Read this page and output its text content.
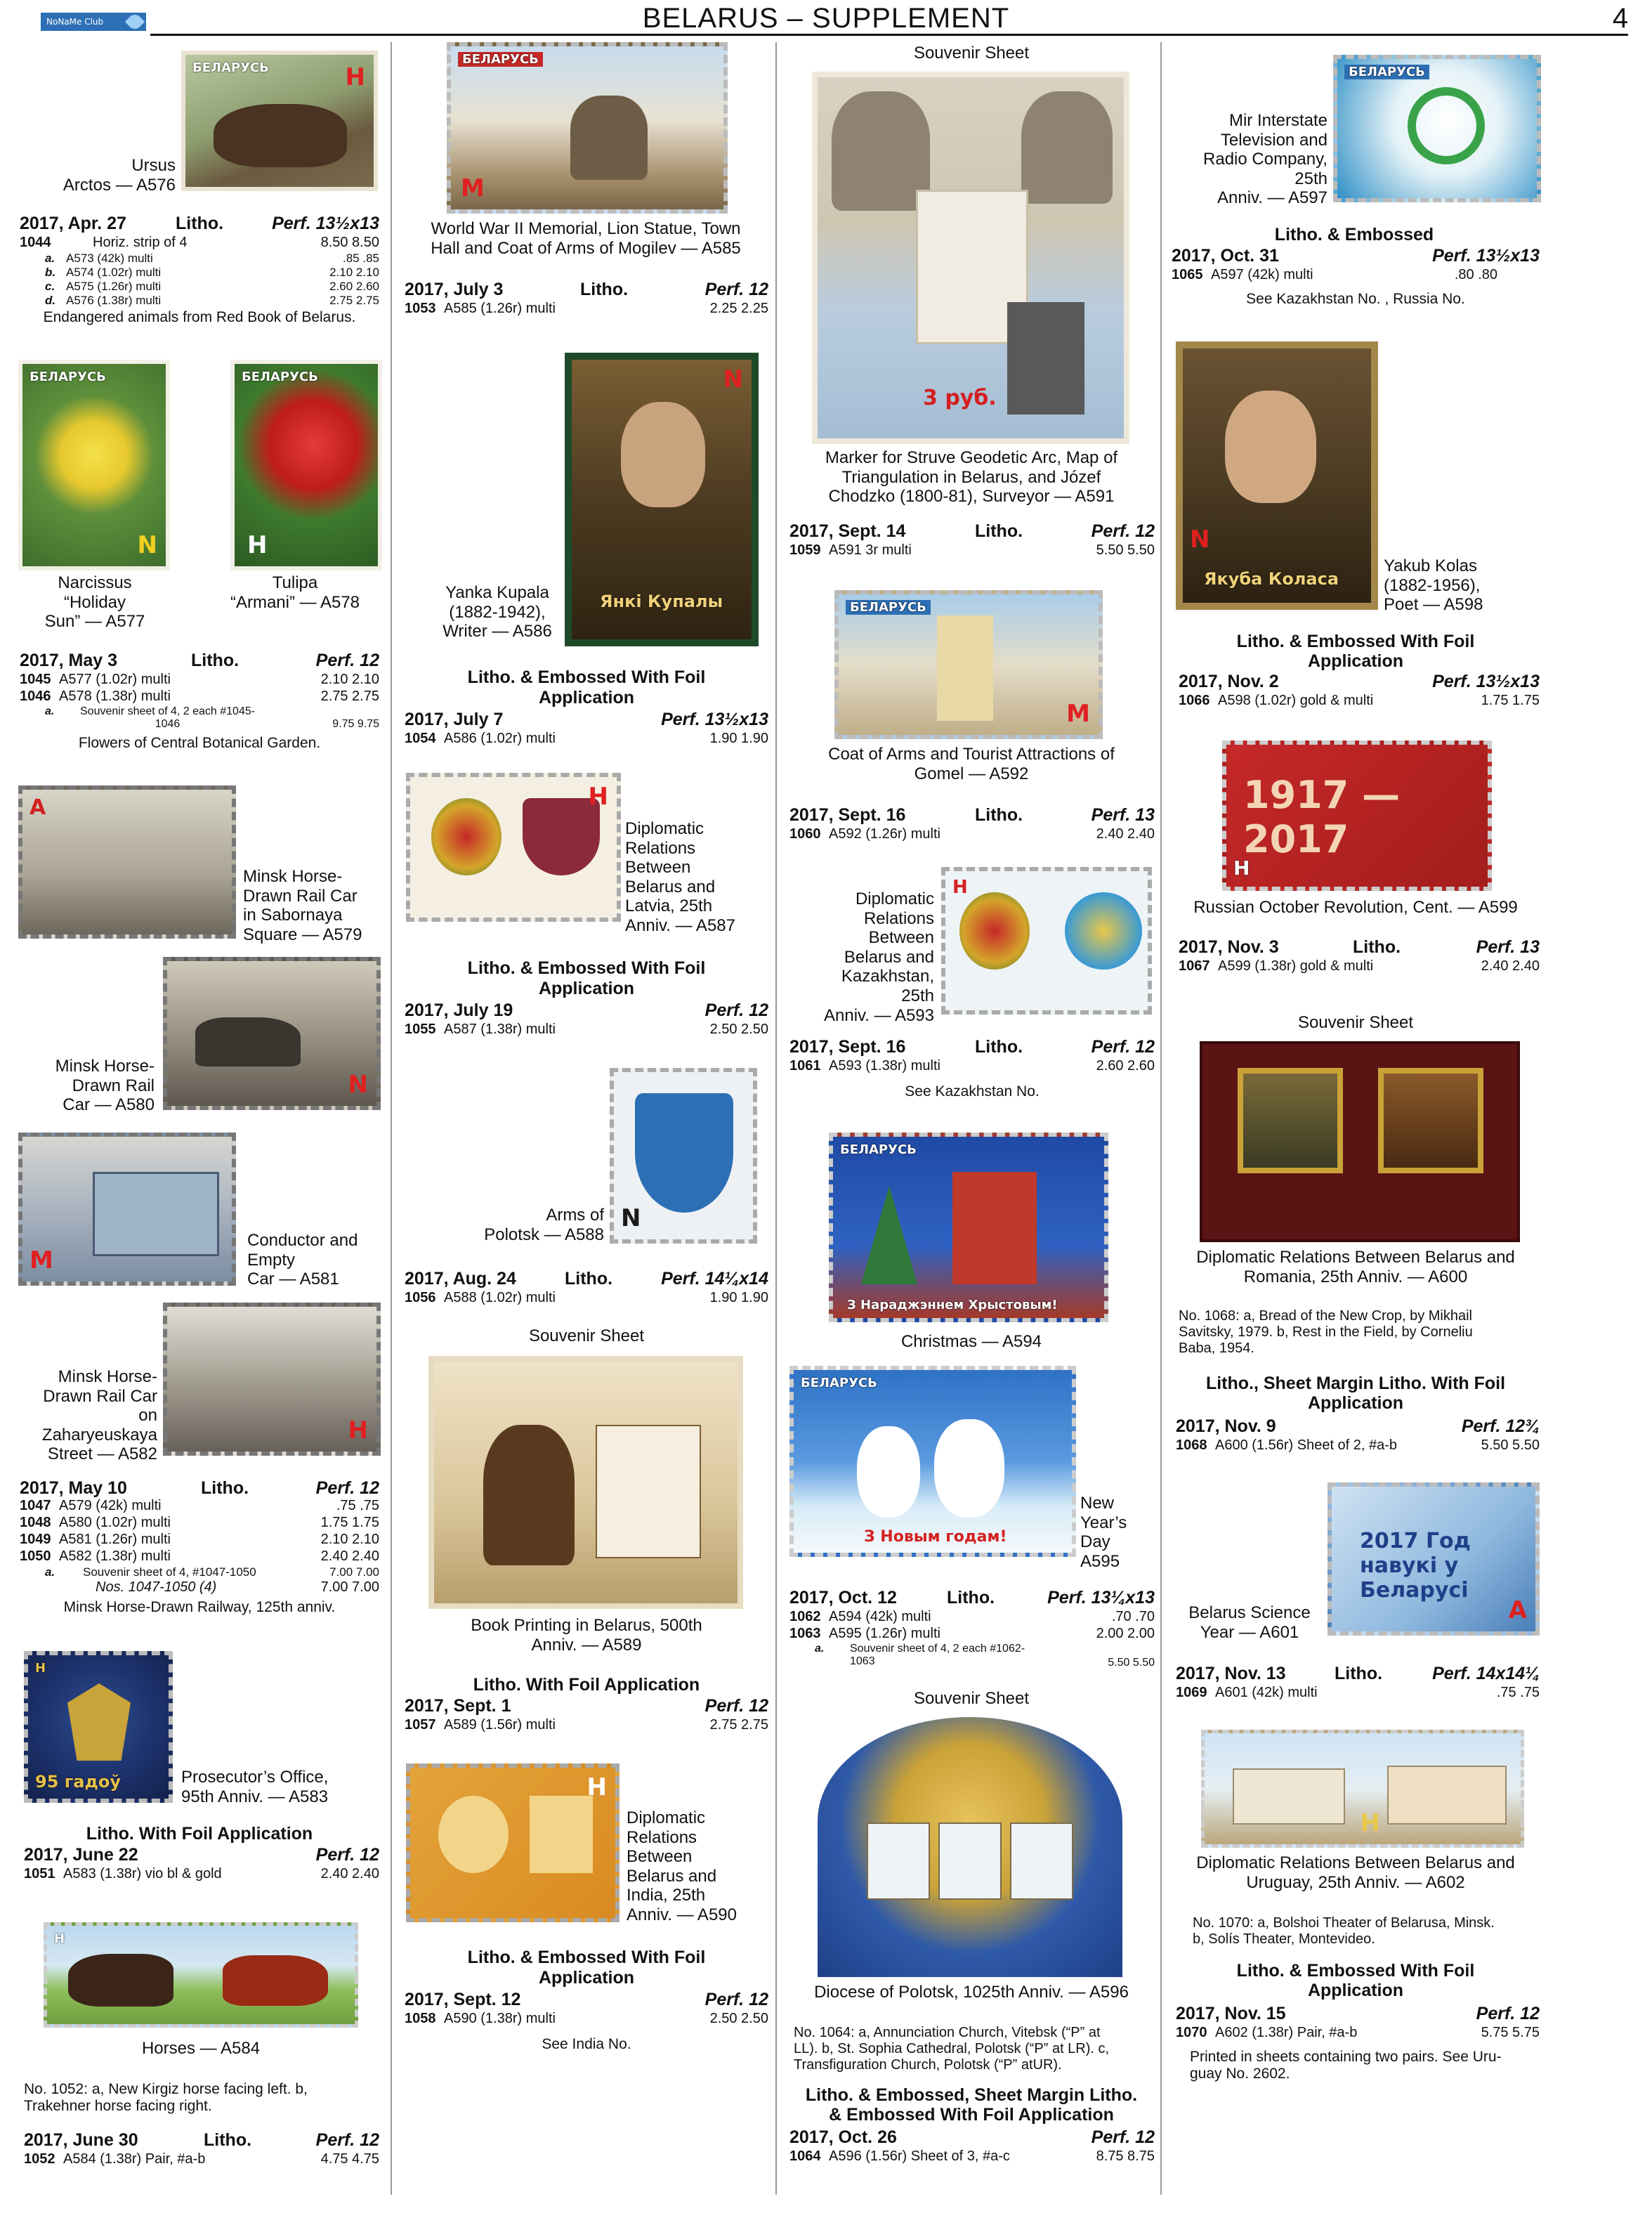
NoNaMe Club	BELARUS – SUPPLEMENT	4
БЕЛАРУСЬ	H
Ursus
Arctos — A576
2017, Apr. 27	Litho.	Perf. 13½x13
1044	Horiz. strip of 4	8.50 8.50
a. A573 (42k) multi	.85 .85
b. A574 (1.02r) multi	2.10 2.10
c. A575 (1.26r) multi	2.60 2.60
d. A576 (1.38r) multi	2.75 2.75
Endangered animals from Red Book of Belarus.
БЕЛАРУСЬ
N
БЕЛАРУСЬ
H
Narcissus
“Holiday
Sun” — A577
Tulipa
“Armani” — A578
2017, May 3	Litho.	Perf. 12
1045 A577 (1.02r) multi	2.10 2.10
1046 A578 (1.38r) multi	2.75 2.75
a. Souvenir sheet of 4, 2 each #1045-
1046	9.75 9.75
Flowers of Central Botanical Garden.
A
Minsk Horse-
Drawn Rail Car
in Sabornaya
Square — A579
N
Minsk Horse-
Drawn Rail
Car — A580
M
Conductor and
Empty
Car — A581
H
Minsk Horse-
Drawn Rail Car
on
Zaharyeuskaya
Street — A582
2017, May 10	Litho.	Perf. 12
1047 A579 (42k) multi	.75 .75
1048 A580 (1.02r) multi	1.75 1.75
1049 A581 (1.26r) multi	2.10 2.10
1050 A582 (1.38r) multi	2.40 2.40
a. Souvenir sheet of 4, #1047-1050	7.00 7.00
Nos. 1047-1050 (4)	7.00 7.00
Minsk Horse-Drawn Railway, 125th anniv.
H
95 гадоў	Prosecutor’s Office,
95th Anniv. — A583
Litho. With Foil Application
2017, June 22	Perf. 12
1051 A583 (1.38r) vio bl & gold	2.40 2.40
H
Horses — A584
No. 1052: a, New Kirgiz horse facing left. b,
Trakehner horse facing right.
2017, June 30	Litho.	Perf. 12
1052 A584 (1.38r) Pair, #a-b	4.75 4.75
БЕЛАРУСЬ
M
World War II Memorial, Lion Statue, Town
Hall and Coat of Arms of Mogilev — A585
2017, July 3	Litho.	Perf. 12
1053 A585 (1.26r) multi	2.25 2.25
Янкі Купалы
N
Yanka Kupala
(1882-1942),
Writer — A586
Litho. & Embossed With Foil
Application
2017, July 7	Perf. 13½x13
1054 A586 (1.02r) multi	1.90 1.90
H
Diplomatic
Relations
Between
Belarus and
Latvia, 25th
Anniv. — A587
Litho. & Embossed With Foil
Application
2017, July 19	Perf. 12
1055 A587 (1.38r) multi	2.50 2.50
N
Arms of
Polotsk — A588
2017, Aug. 24	Litho.	Perf. 14¼x14
1056 A588 (1.02r) multi	1.90 1.90
Souvenir Sheet
Book Printing in Belarus, 500th
Anniv. — A589
Litho. With Foil Application
2017, Sept. 1	Perf. 12
1057 A589 (1.56r) multi	2.75 2.75
H
Diplomatic
Relations
Between
Belarus and
India, 25th
Anniv. — A590
Litho. & Embossed With Foil
Application
2017, Sept. 12	Perf. 12
1058 A590 (1.38r) multi	2.50 2.50
See India No.
Souvenir Sheet
3 руб.
Marker for Struve Geodetic Arc, Map of
Triangulation in Belarus, and Józef
Chodzko (1800-81), Surveyor — A591
2017, Sept. 14	Litho.	Perf. 12
1059 A591 3r multi	5.50 5.50
БЕЛАРУСЬ
M
Coat of Arms and Tourist Attractions of
Gomel — A592
2017, Sept. 16	Litho.	Perf. 13
1060 A592 (1.26r) multi	2.40 2.40
H
Diplomatic
Relations
Between
Belarus and
Kazakhstan,
25th
Anniv. — A593
2017, Sept. 16	Litho.	Perf. 12
1061 A593 (1.38r) multi	2.60 2.60
See Kazakhstan No.
БЕЛАРУСЬ
З Нараджэннем Хрыстовым!
Christmas — A594
БЕЛАРУСЬ
З Новым годам!
New
Year’s
Day
A595
2017, Oct. 12	Litho.	Perf. 13¼x13
1062 A594 (42k) multi	.70 .70
1063 A595 (1.26r) multi	2.00 2.00
a. Souvenir sheet of 4, 2 each #1062-
1063	5.50 5.50
Souvenir Sheet
Diocese of Polotsk, 1025th Anniv. — A596
No. 1064: a, Annunciation Church, Vitebsk (“P” at
LL). b, St. Sophia Cathedral, Polotsk (“P” at LR). c,
Transfiguration Church, Polotsk (“P” atUR).
Litho. & Embossed, Sheet Margin Litho.
& Embossed With Foil Application
2017, Oct. 26	Perf. 12
1064 A596 (1.56r) Sheet of 3, #a-c	8.75 8.75
БЕЛАРУСЬ
Mir Interstate
Television and
Radio Company,
25th
Anniv. — A597
Litho. & Embossed
2017, Oct. 31	Perf. 13½x13
1065 A597 (42k) multi	.80 .80
See Kazakhstan No. , Russia No.
Якуба Коласа
N
Yakub Kolas
(1882-1956),
Poet — A598
Litho. & Embossed With Foil
Application
2017, Nov. 2	Perf. 13½x13
1066 A598 (1.02r) gold & multi	1.75 1.75
1917 — 2017
H
Russian October Revolution, Cent. — A599
2017, Nov. 3	Litho.	Perf. 13
1067 A599 (1.38r) gold & multi	2.40 2.40
Souvenir Sheet
Diplomatic Relations Between Belarus and
Romania, 25th Anniv. — A600
No. 1068: a, Bread of the New Crop, by Mikhail
Savitsky, 1979. b, Rest in the Field, by Corneliu
Baba, 1954.
Litho., Sheet Margin Litho. With Foil
Application
2017, Nov. 9	Perf. 12¾
1068 A600 (1.56r) Sheet of 2, #a-b	5.50 5.50
2017 Год навукі у Беларусі
A
Belarus Science
Year — A601
2017, Nov. 13	Litho.	Perf. 14x14¼
1069 A601 (42k) multi	.75 .75
H
Diplomatic Relations Between Belarus and
Uruguay, 25th Anniv. — A602
No. 1070: a, Bolshoi Theater of Belarusa, Minsk.
b, Solís Theater, Montevideo.
Litho. & Embossed With Foil
Application
2017, Nov. 15	Perf. 12
1070 A602 (1.38r) Pair, #a-b	5.75 5.75
Printed in sheets containing two pairs. See Uru-
guay No. 2602.
